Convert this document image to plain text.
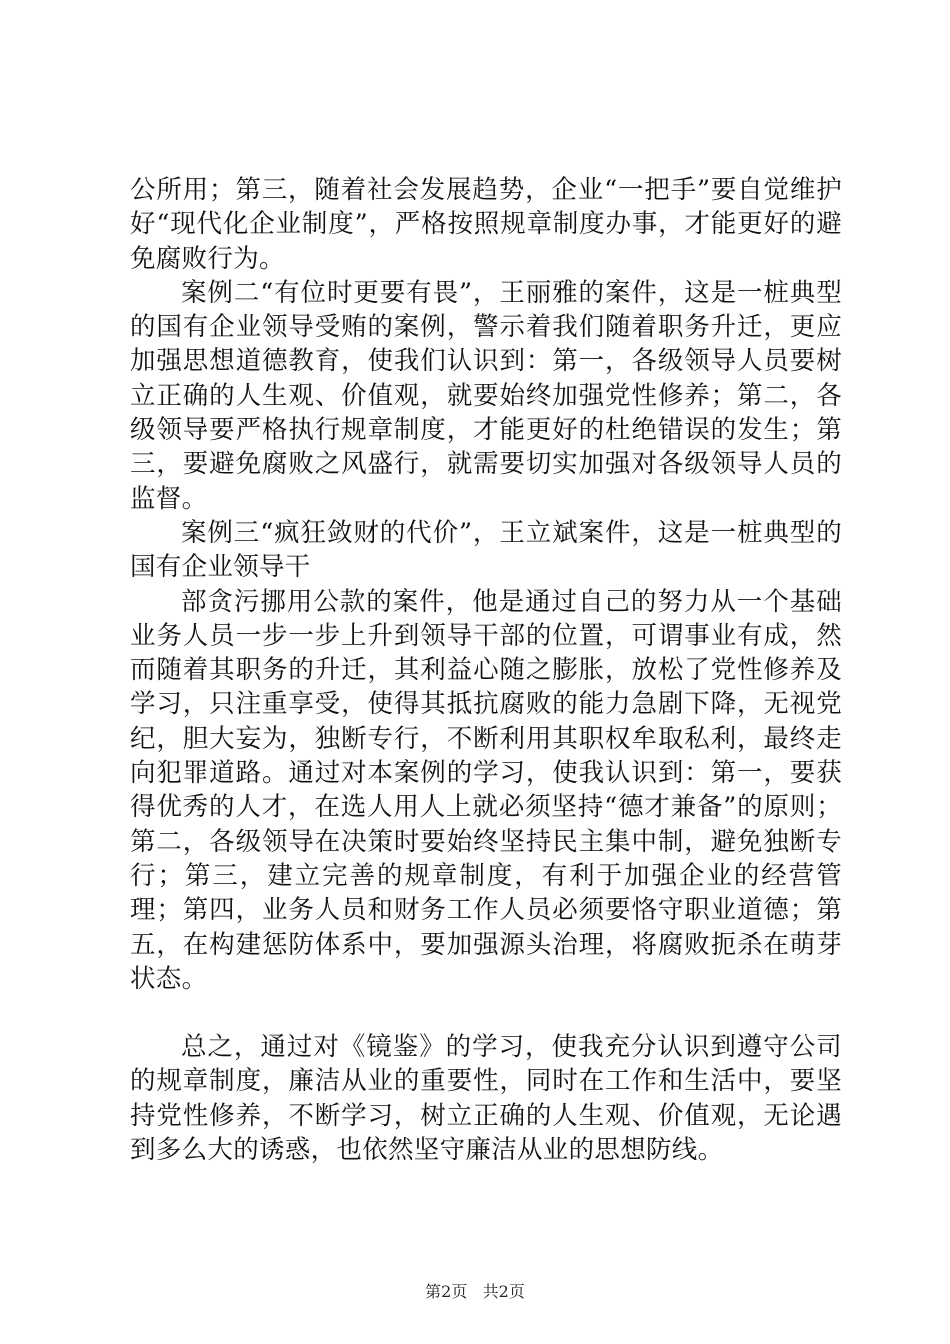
公所用；第三，随着社会发展趋势，企业“一把手”要自觉维护好“现代化企业制度”，严格按照规章制度办事，才能更好的避免腐败行为。

案例二“有位时更要有畏”，王丽雅的案件，这是一桩典型的国有企业领导受贿的案例，警示着我们随着职务升迁，更应加强思想道德教育，使我们认识到：第一，各级领导人员要树立正确的人生观、价值观，就要始终加强党性修养；第二，各级领导要严格执行规章制度，才能更好的杜绝错误的发生；第三，要避免腐败之风盛行，就需要切实加强对各级领导人员的监督。

案例三“疯狂敛财的代价”，王立斌案件，这是一桩典型的国有企业领导干

部贪污挪用公款的案件，他是通过自己的努力从一个基础业务人员一步一步上升到领导干部的位置，可谓事业有成，然而随着其职务的升迁，其利益心随之膨胀，放松了党性修养及学习，只注重享受，使得其抵抗腐败的能力急剧下降，无视党纪，胆大妄为，独断专行，不断利用其职权牟取私利，最终走向犯罪道路。通过对本案例的学习，使我认识到：第一，要获得优秀的人才，在选人用人上就必须坚持“德才兼备”的原则；第二，各级领导在决策时要始终坚持民主集中制，避免独断专行；第三，建立完善的规章制度，有利于加强企业的经营管理；第四，业务人员和财务工作人员必须要恪守职业道德；第五，在构建惩防体系中，要加强源头治理，将腐败扼杀在萌芽状态。

总之，通过对《镜鉴》的学习，使我充分认识到遵守公司的规章制度，廉洁从业的重要性，同时在工作和生活中，要坚持党性修养，不断学习，树立正确的人生观、价值观，无论遇到多么大的诱惑，也依然坚守廉洁从业的思想防线。

第2页 共2页
